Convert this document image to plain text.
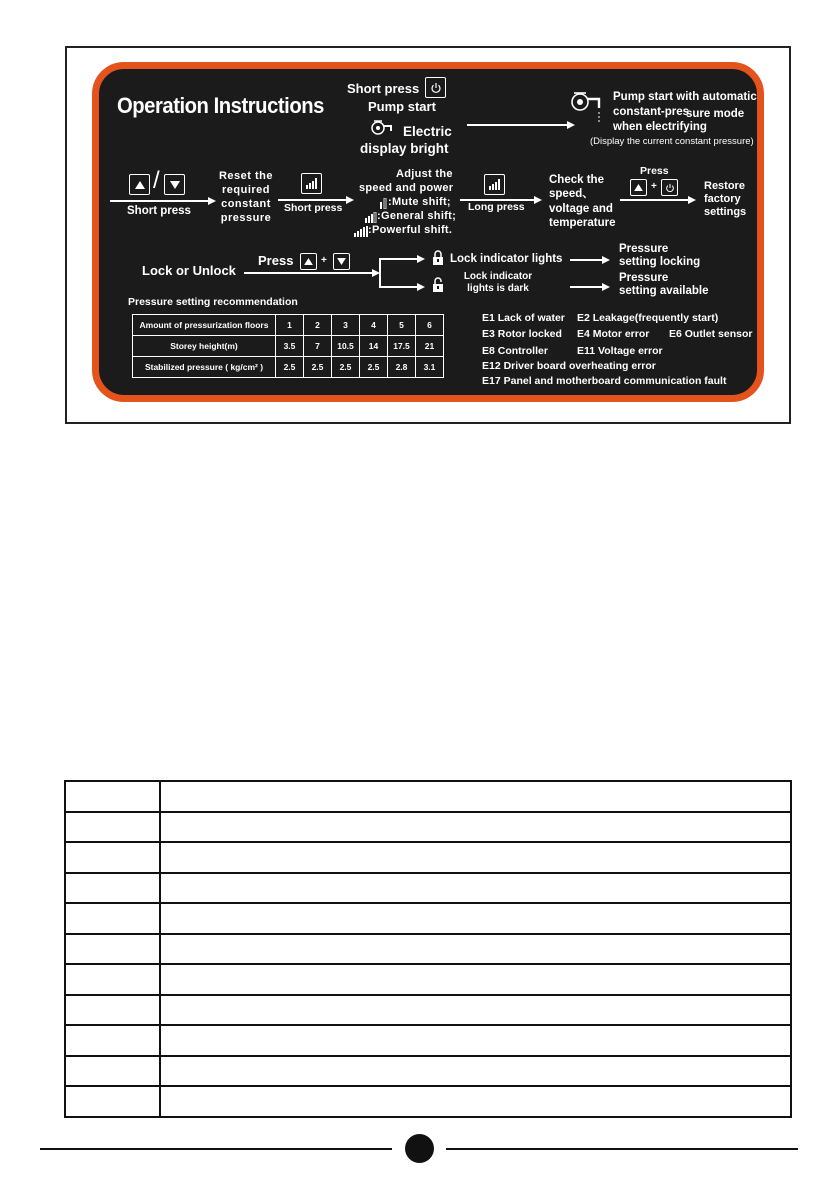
Operation Instructions
Short press
Pump start
Electric
display bright
Pump start with automatic
constant-pres
sure mode
when electrifying
(Display the current constant pressure)
/
Short press
Reset the
required
constant
pressure
Short press
Adjust the
speed and power
:Mute shift;
:General shift;
:Powerful shift.
Long press
Check the
speed、
voltage and
temperature
Press
+	Restore
factory
settings
Lock or Unlock
Press	+	Lock indicator lights
Lock indicator
lights is dark
Pressure
setting locking
Pressure
setting available
Pressure setting recommendation
Amount of pressurization floors	1	2	3	4	5	6
Storey height(m)	3.5	7	10.5	14	17.5	21
Stabilized pressure ( kg/cm² )	2.5	2.5	2.5	2.5	2.8	3.1
E1 Lack of water E2 Leakage(frequently start)
E3 Rotor locked E4 Motor error E6 Outlet sensor
E8 Controller	E11 Voltage error
E12 Driver board overheating error
E17 Panel and motherboard communication fault
